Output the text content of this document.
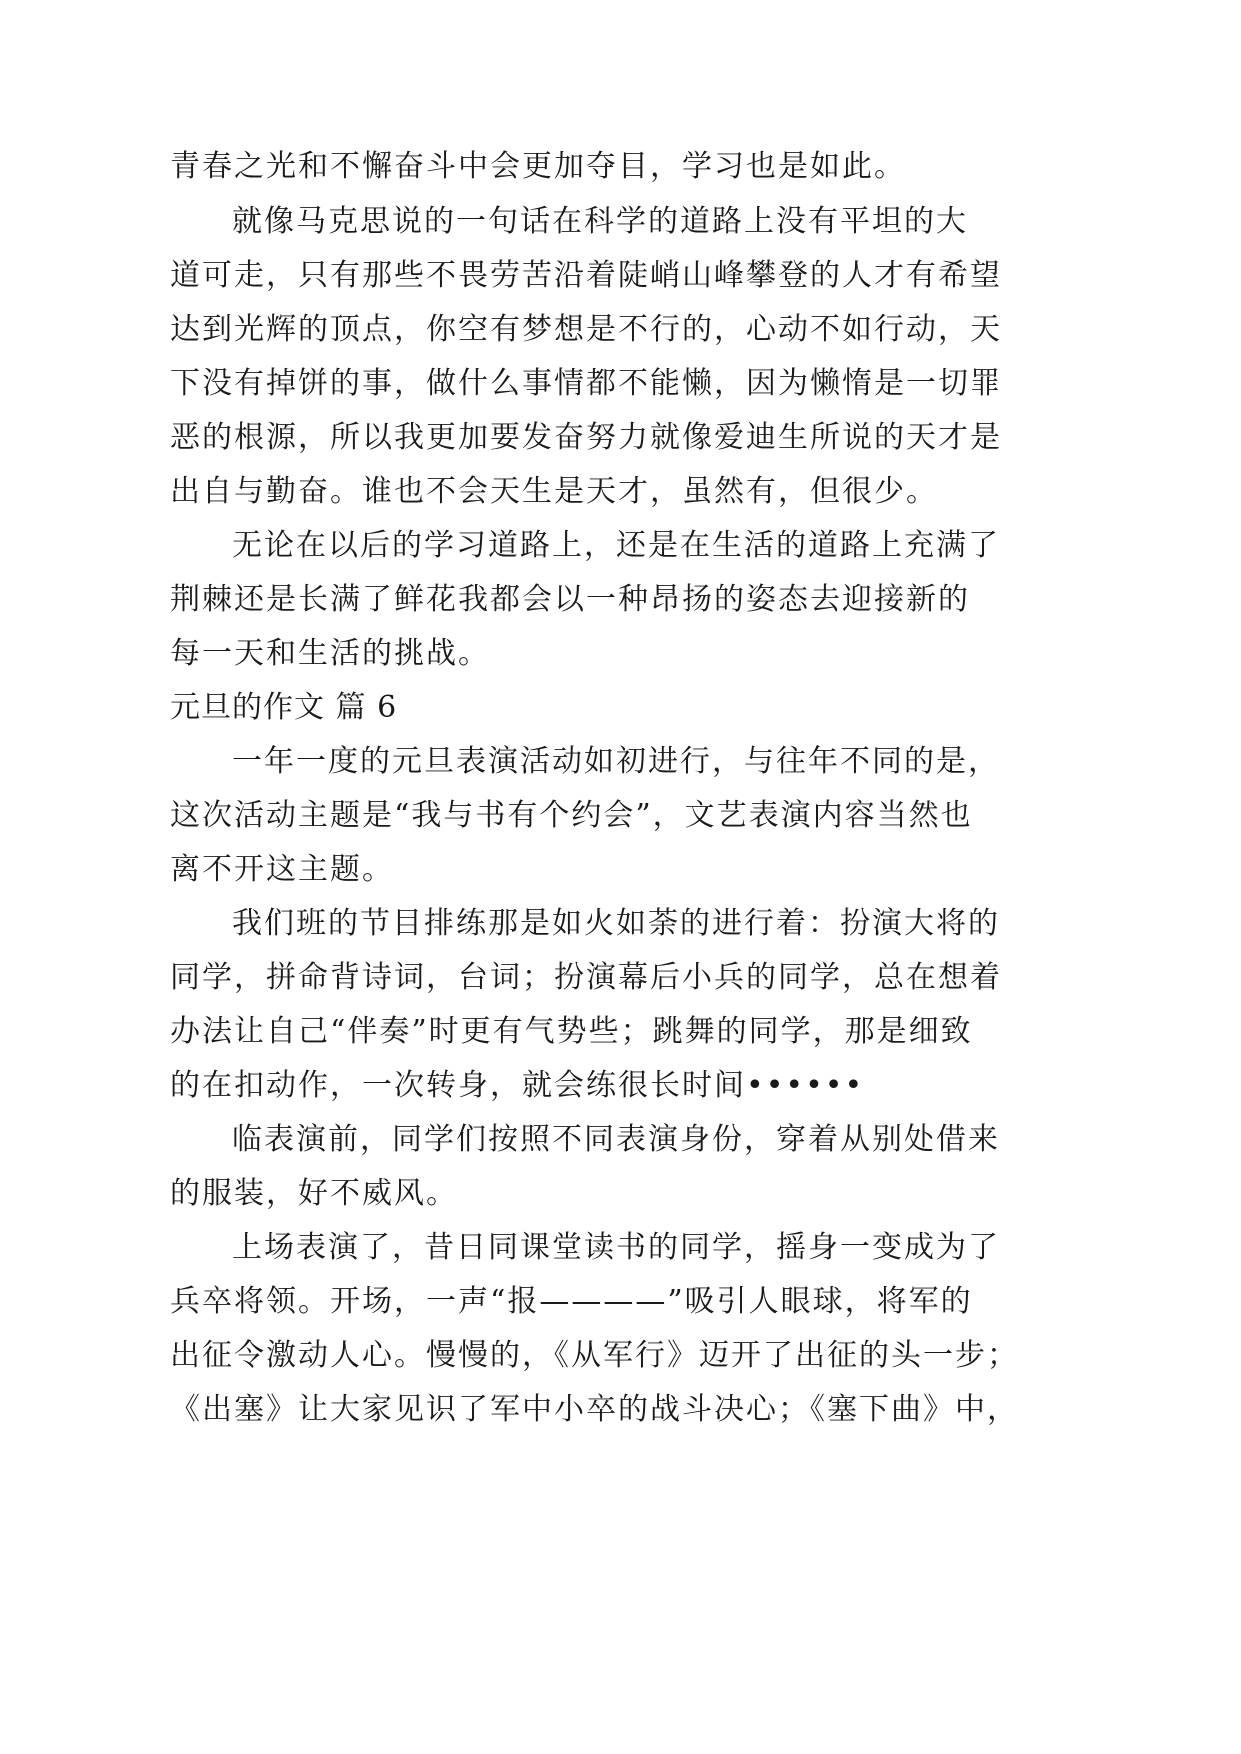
青春之光和不懈奋斗中会更加夺目，学习也是如此。
就像马克思说的一句话在科学的道路上没有平坦的大
道可走，只有那些不畏劳苦沿着陡峭山峰攀登的人才有希望
达到光辉的顶点，你空有梦想是不行的，心动不如行动，天
下没有掉饼的事，做什么事情都不能懒，因为懒惰是一切罪
恶的根源，所以我更加要发奋努力就像爱迪生所说的天才是
出自与勤奋。谁也不会天生是天才，虽然有，但很少。
无论在以后的学习道路上，还是在生活的道路上充满了
荆棘还是长满了鲜花我都会以一种昂扬的姿态去迎接新的
每一天和生活的挑战。
元旦的作文 篇 6
一年一度的元旦表演活动如初进行，与往年不同的是，
这次活动主题是“我与书有个约会”，文艺表演内容当然也
离不开这主题。
我们班的节目排练那是如火如荼的进行着：扮演大将的
同学，拼命背诗词，台词；扮演幕后小兵的同学，总在想着
办法让自己“伴奏”时更有气势些；跳舞的同学，那是细致
的在扣动作，一次转身，就会练很长时间••••••
临表演前，同学们按照不同表演身份，穿着从别处借来
的服装，好不威风。
上场表演了，昔日同课堂读书的同学，摇身一变成为了
兵卒将领。开场，一声“报————”吸引人眼球，将军的
出征令激动人心。慢慢的，《从军行》迈开了出征的头一步；
《出塞》让大家见识了军中小卒的战斗决心；《塞下曲》中，
